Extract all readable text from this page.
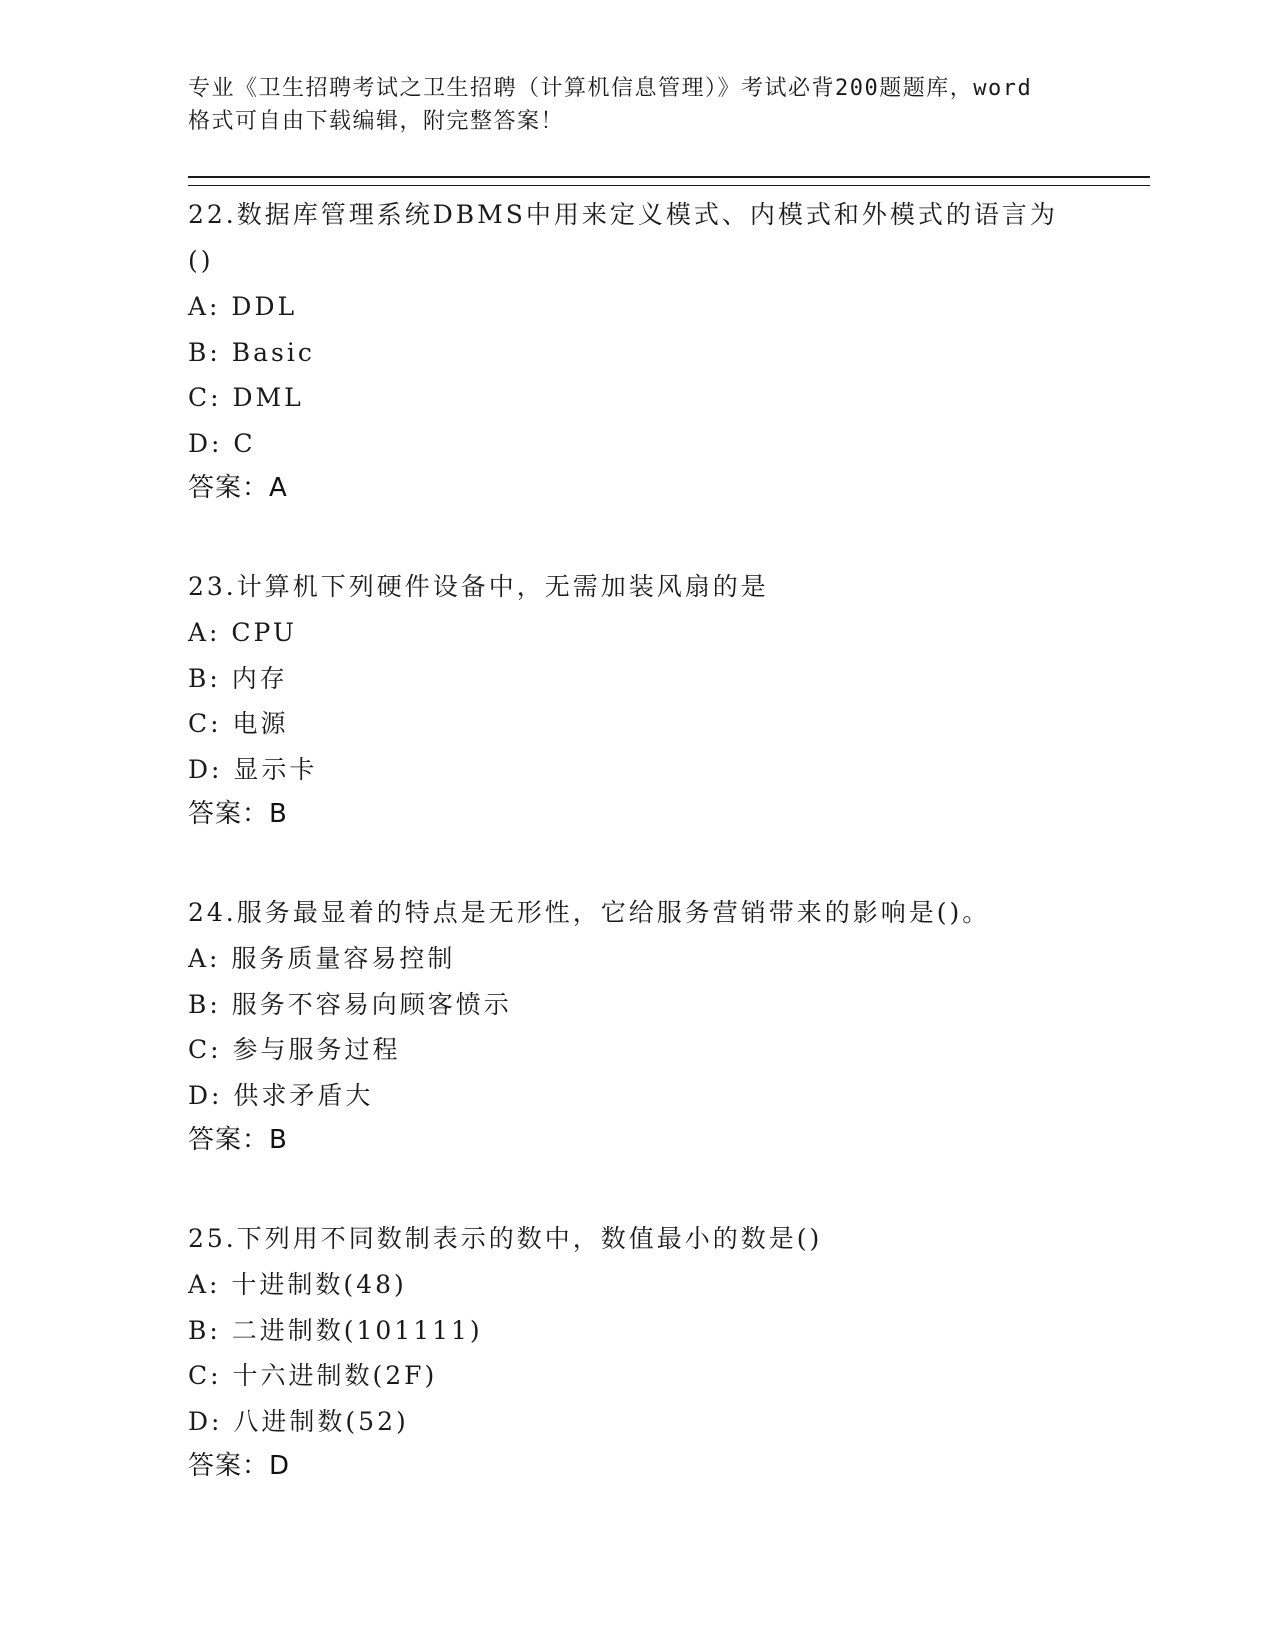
专业《卫生招聘考试之卫生招聘（计算机信息管理）》考试必背200题题库，word
格式可自由下载编辑，附完整答案！
22.数据库管理系统DBMS中用来定义模式、内模式和外模式的语言为
()
A: DDL
B: Basic
C: DML
D: C
答案：A
23.计算机下列硬件设备中，无需加装风扇的是
A: CPU
B: 内存
C: 电源
D: 显示卡
答案：B
24.服务最显着的特点是无形性，它给服务营销带来的影响是()。
A: 服务质量容易控制
B: 服务不容易向顾客愤示
C: 参与服务过程
D: 供求矛盾大
答案：B
25.下列用不同数制表示的数中，数值最小的数是()
A: 十进制数(48)
B: 二进制数(101111)
C: 十六进制数(2F)
D: 八进制数(52)
答案：D
